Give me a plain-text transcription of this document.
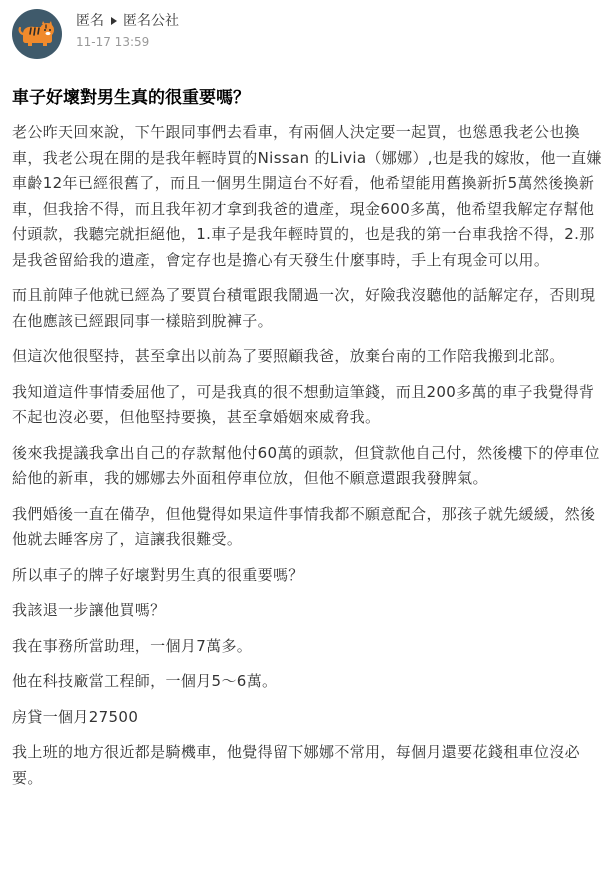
匿名 匿名公社
11-17 13:59
車子好壞對男生真的很重要嗎？

老公昨天回來說，下午跟同事們去看車，有兩個人決定要一起買，也慫恿我老公也換車，我老公現在開的是我年輕時買的Nissan 的Livia（娜娜）,也是我的嫁妝，他一直嫌車齡12年已經很舊了，而且一個男生開這台不好看，他希望能用舊換新折5萬然後換新車，但我捨不得，而且我年初才拿到我爸的遺產，現金600多萬，他希望我解定存幫他付頭款，我聽完就拒絕他，1.車子是我年輕時買的，也是我的第一台車我捨不得，2.那是我爸留給我的遺產，會定存也是擔心有天發生什麼事時，手上有現金可以用。

而且前陣子他就已經為了要買台積電跟我鬧過一次，好險我沒聽他的話解定存，否則現在他應該已經跟同事一樣賠到脫褲子。

但這次他很堅持，甚至拿出以前為了要照顧我爸，放棄台南的工作陪我搬到北部。

我知道這件事情委屈他了，可是我真的很不想動這筆錢，而且200多萬的車子我覺得背不起也沒必要，但他堅持要換，甚至拿婚姻來威脅我。

後來我提議我拿出自己的存款幫他付60萬的頭款，但貸款他自己付，然後樓下的停車位給他的新車，我的娜娜去外面租停車位放，但他不願意還跟我發脾氣。

我們婚後一直在備孕，但他覺得如果這件事情我都不願意配合，那孩子就先緩緩，然後他就去睡客房了，這讓我很難受。

所以車子的牌子好壞對男生真的很重要嗎？

我該退一步讓他買嗎？

我在事務所當助理，一個月7萬多。

他在科技廠當工程師，一個月5～6萬。

房貸一個月27500

我上班的地方很近都是騎機車，他覺得留下娜娜不常用，每個月還要花錢租車位沒必要。
